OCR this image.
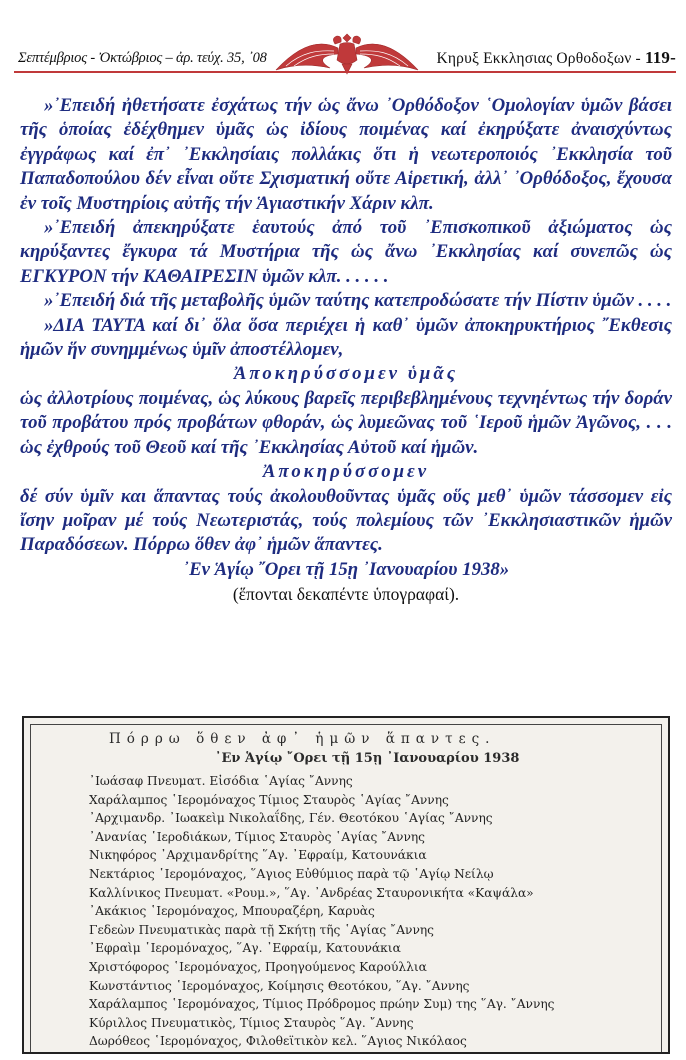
Σεπτέμβριος - Ὀκτώβριος – ἀρ. τεύχ. 35, ᾽08	Κηρυξ Εκκλησιας Ορθοδοξων - 119-

»᾽Επειδή ἠθετήσατε ἐσχάτως τήν ὡς ἄνω ᾽Ορθόδοξον ῾Ομολογίαν ὑμῶν βάσει τῆς ὁποίας ἐδέχθημεν ὑμᾶς ὡς ἰδίους ποιμένας καί ἐκηρύξατε ἀναισχύντως ἐγγράφως καί ἐπ᾽ ᾽Εκκλησίαις πολλάκις ὅτι ἡ νεωτεροποιός ᾽Εκκλησία τοῦ Παπαδοπούλου δέν εἶναι οὔτε Σχισματική οὔτε Αἱρετική, ἀλλ᾽ ᾽Ορθόδοξος, ἔχουσα ἐν τοῖς Μυστηρίοις αὐτῆς τήν Ἁγιαστικήν Χάριν κλπ.

»᾽Επειδή ἀπεκηρύξατε ἑαυτούς ἀπό τοῦ ᾽Επισκοπικοῦ ἀξιώματος ὡς κηρύξαντες ἔγκυρα τά Μυστήρια τῆς ὡς ἄνω ᾽Εκκλησίας καί συνεπῶς ὡς ΕΓΚΥΡΟΝ τήν ΚΑΘΑΙΡΕΣΙΝ ὑμῶν κλπ. . . . . .

»᾽Επειδή διά τῆς μεταβολῆς ὑμῶν ταύτης κατεπροδώσατε τήν Πίστιν ὑμῶν . . . .

»ΔΙΑ ΤΑΥΤΑ καί δι᾽ ὅλα ὅσα περιέχει ἡ καθ᾽ ὑμῶν ἀποκηρυκτήριος ῎Εκθεσις ἡμῶν ἥν συνημμένως ὑμῖν ἀποστέλλομεν,

Ἀποκηρύσσομεν ὑμᾶς

ὡς ἀλλοτρίους ποιμένας, ὡς λύκους βαρεῖς περιβεβλημένους τεχνηέντως τήν δοράν τοῦ προβάτου πρός προβάτων φθοράν, ὡς λυμεῶνας τοῦ ῾Ιεροῦ ἡμῶν Ἀγῶνος, . . . ὡς ἐχθρούς τοῦ Θεοῦ καί τῆς ᾽Εκκλησίας Αὐτοῦ καί ἡμῶν.

Ἀποκηρύσσομεν

δέ σύν ὑμῖν και ἅπαντας τούς ἀκολουθοῦντας ὑμᾶς οὕς μεθ᾽ ὑμῶν τάσσομεν εἰς ἴσην μοῖραν μέ τούς Νεωτεριστάς, τούς πολεμίους τῶν ᾽Εκκλησιαστικῶν ἡμῶν Παραδόσεων. Πόρρω ὅθεν ἀφ᾽ ἡμῶν ἅπαντες.

᾽Εν Ἁγίῳ ῎Ορει τῇ 15ῃ ᾽Ιανουαρίου 1938»

(ἕπονται δεκαπέντε ὑπογραφαί).

Πόρρω ὅθεν ἀφ᾽ ἡμῶν ἅπαντες.
᾽Εν Ἁγίῳ ῎Ορει τῇ 15ῃ ᾽Ιανουαρίου 1938
᾽Ιωάσαφ Πνευματ. Εἰσόδια ῾Αγίας ῎Αννης
Χαράλαμπος ῾Ιερομόναχος Τίμιος Σταυρὸς ῾Αγίας ῎Αννης
᾽Αρχιμανδρ. ᾽Ιωακεὶμ Νικολαΐδης, Γέν. Θεοτόκου ῾Αγίας ῎Αννης
᾽Ανανίας ῾Ιεροδιάκων, Τίμιος Σταυρὸς ῾Αγίας ῎Αννης
Νικηφόρος ᾽Αρχιμανδρίτης ῞Αγ. ᾽Εφραίμ, Κατουνάκια
Νεκτάριος ῾Ιερομόναχος, ῞Αγιος Εὐθύμιος παρὰ τῷ ῾Αγίῳ Νείλῳ
Καλλίνικος Πνευματ. «Ρουμ.», ῞Αγ. ᾽Ανδρέας Σταυρονικήτα «Καψάλα»
᾽Ακάκιος ῾Ιερομόναχος, Μπουραζέρη, Καρυὰς
Γεδεὼν Πνευματικὰς παρὰ τῇ Σκήτῃ τῆς ῾Αγίας ῎Αννης
᾽Εφραὶμ ῾Ιερομόναχος, ῞Αγ. ᾽Εφραίμ, Κατουνάκια
Χριστόφορος ῾Ιερομόναχος, Προηγούμενος Καρούλλια
Κωνστάντιος ῾Ιερομόναχος, Κοίμησις Θεοτόκου, ῞Αγ. ῎Αννης
Χαράλαμπος ῾Ιερομόναχος, Τίμιος Πρόδρομος πρώην Συμ) της ῞Αγ. ῎Αννης
Κύριλλος Πνευματικὸς, Τίμιος Σταυρὸς ῞Αγ. ῎Αννης
Δωρόθεος ῾Ιερομόναχος, Φιλοθεϊτικὸν κελ. ῞Αγιος Νικόλαος
